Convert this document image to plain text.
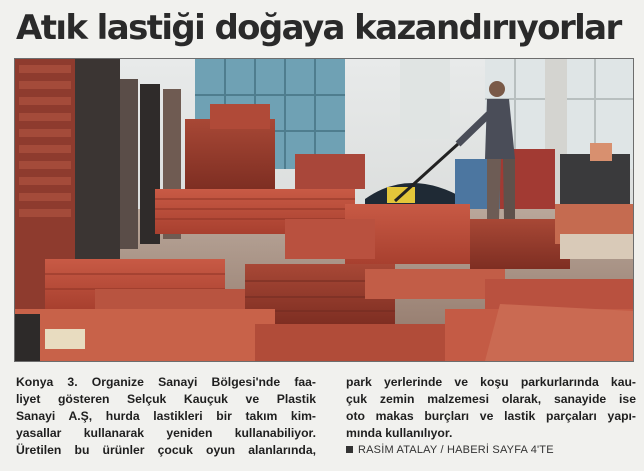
Atık lastiği doğaya kazandırıyorlar
Konya 3. Organize Sanayi Bölgesi'nde faa-
liyet gösteren Selçuk Kauçuk ve Plastik
Sanayi A.Ş, hurda lastikleri bir takım kim-
yasallar kullanarak yeniden kullanabiliyor.
Üretilen bu ürünler çocuk oyun alanlarında,
park yerlerinde ve koşu parkurlarında kau-
çuk zemin malzemesi olarak, sanayide ise
oto makas burçları ve lastik parçaları yapı-
mında kullanılıyor.
RASİM ATALAY / HABERİ SAYFA 4'TE
